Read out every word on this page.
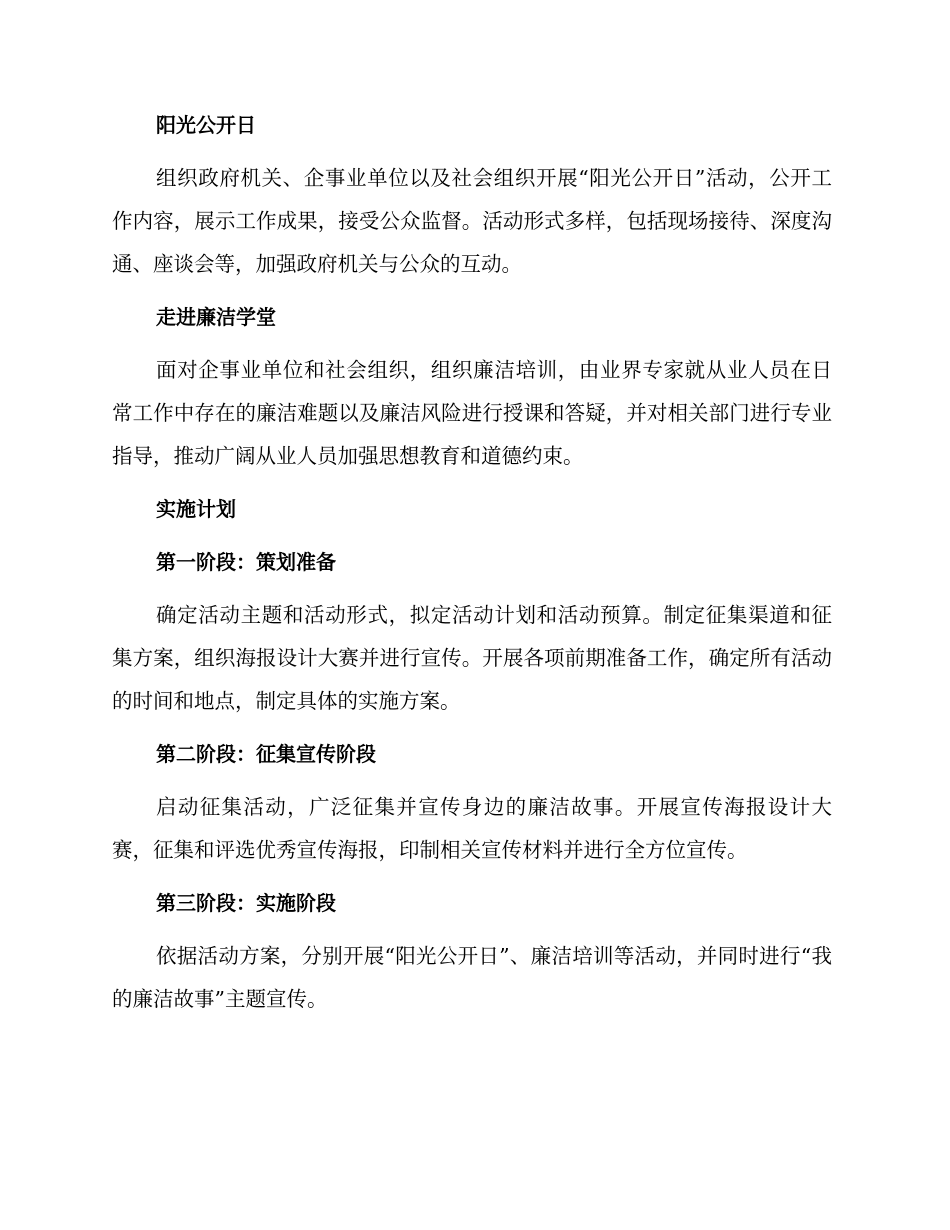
阳光公开日

组织政府机关、企事业单位以及社会组织开展“阳光公开日”活动，公开工作内容，展示工作成果，接受公众监督。活动形式多样，包括现场接待、深度沟通、座谈会等，加强政府机关与公众的互动。

走进廉洁学堂

面对企事业单位和社会组织，组织廉洁培训，由业界专家就从业人员在日常工作中存在的廉洁难题以及廉洁风险进行授课和答疑，并对相关部门进行专业指导，推动广阔从业人员加强思想教育和道德约束。

实施计划

第一阶段：策划准备

确定活动主题和活动形式，拟定活动计划和活动预算。制定征集渠道和征集方案，组织海报设计大赛并进行宣传。开展各项前期准备工作，确定所有活动的时间和地点，制定具体的实施方案。

第二阶段：征集宣传阶段

启动征集活动，广泛征集并宣传身边的廉洁故事。开展宣传海报设计大赛，征集和评选优秀宣传海报，印制相关宣传材料并进行全方位宣传。

第三阶段：实施阶段

依据活动方案，分别开展“阳光公开日”、廉洁培训等活动，并同时进行“我的廉洁故事”主题宣传。
